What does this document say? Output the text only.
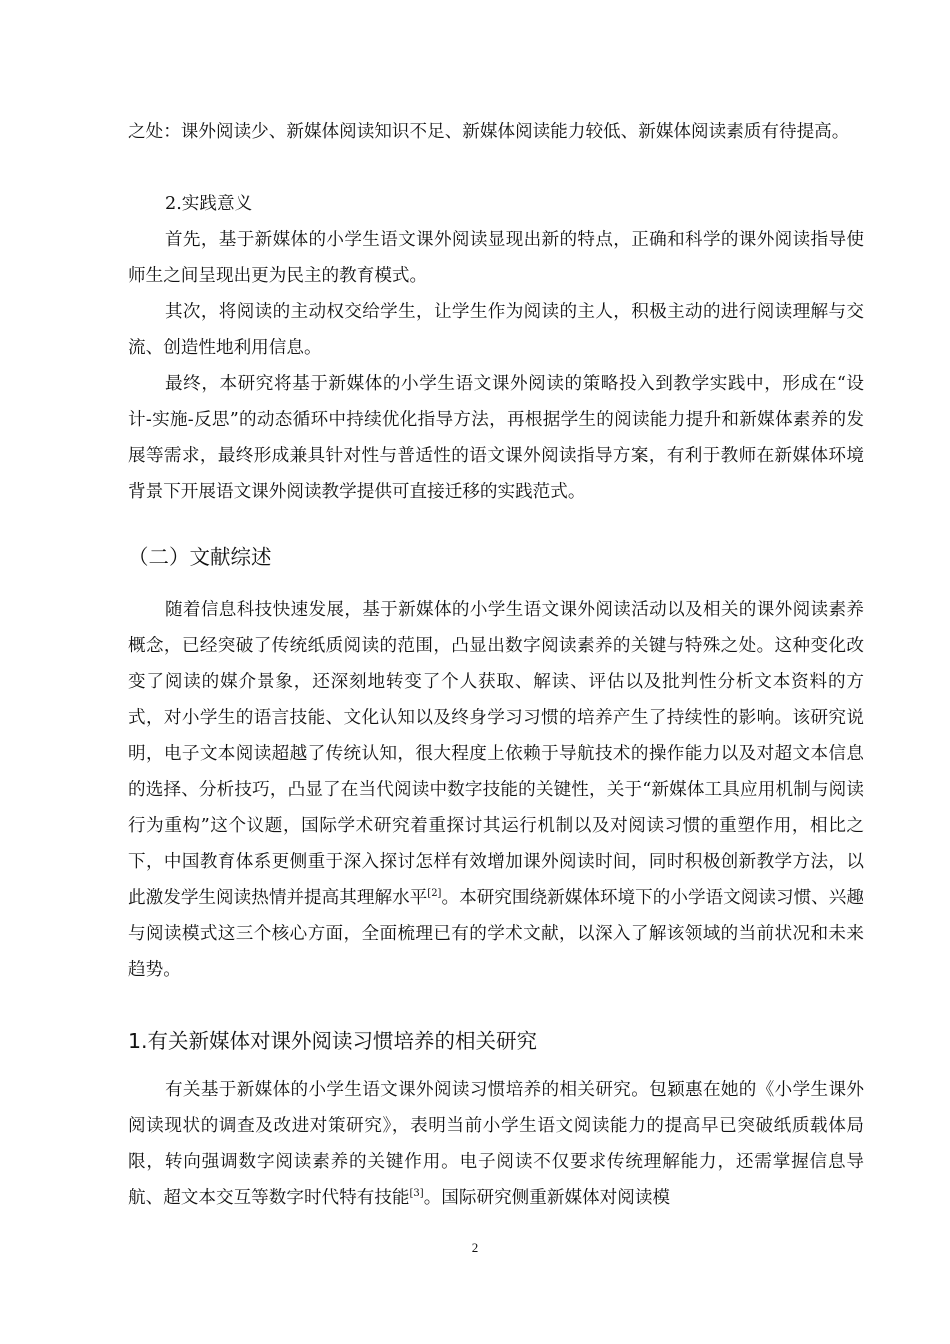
之处：课外阅读少、新媒体阅读知识不足、新媒体阅读能力较低、新媒体阅读素质有待提高。

2.实践意义

首先，基于新媒体的小学生语文课外阅读显现出新的特点，正确和科学的课外阅读指导使师生之间呈现出更为民主的教育模式。

其次，将阅读的主动权交给学生，让学生作为阅读的主人，积极主动的进行阅读理解与交流、创造性地利用信息。

最终，本研究将基于新媒体的小学生语文课外阅读的策略投入到教学实践中，形成在“设计-实施-反思”的动态循环中持续优化指导方法，再根据学生的阅读能力提升和新媒体素养的发展等需求，最终形成兼具针对性与普适性的语文课外阅读指导方案，有利于教师在新媒体环境背景下开展语文课外阅读教学提供可直接迁移的实践范式。

（二）文献综述

随着信息科技快速发展，基于新媒体的小学生语文课外阅读活动以及相关的课外阅读素养概念，已经突破了传统纸质阅读的范围，凸显出数字阅读素养的关键与特殊之处。这种变化改变了阅读的媒介景象，还深刻地转变了个人获取、解读、评估以及批判性分析文本资料的方式，对小学生的语言技能、文化认知以及终身学习习惯的培养产生了持续性的影响。该研究说明，电子文本阅读超越了传统认知，很大程度上依赖于导航技术的操作能力以及对超文本信息的选择、分析技巧，凸显了在当代阅读中数字技能的关键性，关于“新媒体工具应用机制与阅读行为重构”这个议题，国际学术研究着重探讨其运行机制以及对阅读习惯的重塑作用，相比之下，中国教育体系更侧重于深入探讨怎样有效增加课外阅读时间，同时积极创新教学方法，以此激发学生阅读热情并提高其理解水平[2]。本研究围绕新媒体环境下的小学语文阅读习惯、兴趣与阅读模式这三个核心方面，全面梳理已有的学术文献，以深入了解该领域的当前状况和未来趋势。

1.有关新媒体对课外阅读习惯培养的相关研究

有关基于新媒体的小学生语文课外阅读习惯培养的相关研究。包颖惠在她的《小学生课外阅读现状的调查及改进对策研究》，表明当前小学生语文阅读能力的提高早已突破纸质载体局限，转向强调数字阅读素养的关键作用。电子阅读不仅要求传统理解能力，还需掌握信息导航、超文本交互等数字时代特有技能[3]。国际研究侧重新媒体对阅读模

2
